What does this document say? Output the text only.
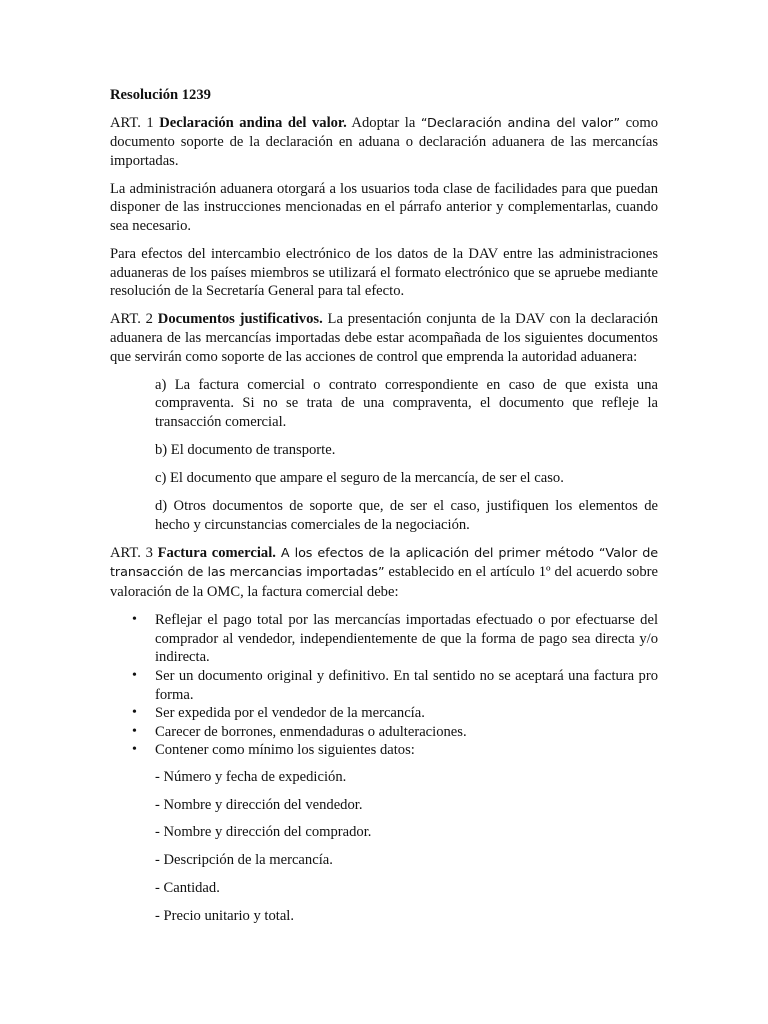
Resolución 1239

ART. 1 Declaración andina del valor. Adoptar la “Declaración andina del valor” como documento soporte de la declaración en aduana o declaración aduanera de las mercancías importadas.

La administración aduanera otorgará a los usuarios toda clase de facilidades para que puedan disponer de las instrucciones mencionadas en el párrafo anterior y complementarlas, cuando sea necesario.

Para efectos del intercambio electrónico de los datos de la DAV entre las administraciones aduaneras de los países miembros se utilizará el formato electrónico que se apruebe mediante resolución de la Secretaría General para tal efecto.

ART. 2 Documentos justificativos. La presentación conjunta de la DAV con la declaración aduanera de las mercancías importadas debe estar acompañada de los siguientes documentos que servirán como soporte de las acciones de control que emprenda la autoridad aduanera:

a) La factura comercial o contrato correspondiente en caso de que exista una compraventa. Si no se trata de una compraventa, el documento que refleje la transacción comercial.
b) El documento de transporte.
c) El documento que ampare el seguro de la mercancía, de ser el caso.
d) Otros documentos de soporte que, de ser el caso, justifiquen los elementos de hecho y circunstancias comerciales de la negociación.

ART. 3 Factura comercial. A los efectos de la aplicación del primer método “Valor de transacción de las mercancias importadas” establecido en el artículo 1º del acuerdo sobre valoración de la OMC, la factura comercial debe:

• Reflejar el pago total por las mercancías importadas efectuado o por efectuarse del comprador al vendedor, independientemente de que la forma de pago sea directa y/o indirecta.
• Ser un documento original y definitivo. En tal sentido no se aceptará una factura pro forma.
• Ser expedida por el vendedor de la mercancía.
• Carecer de borrones, enmendaduras o adulteraciones.
• Contener como mínimo los siguientes datos:
- Número y fecha de expedición.
- Nombre y dirección del vendedor.
- Nombre y dirección del comprador.
- Descripción de la mercancía.
- Cantidad.
- Precio unitario y total.
